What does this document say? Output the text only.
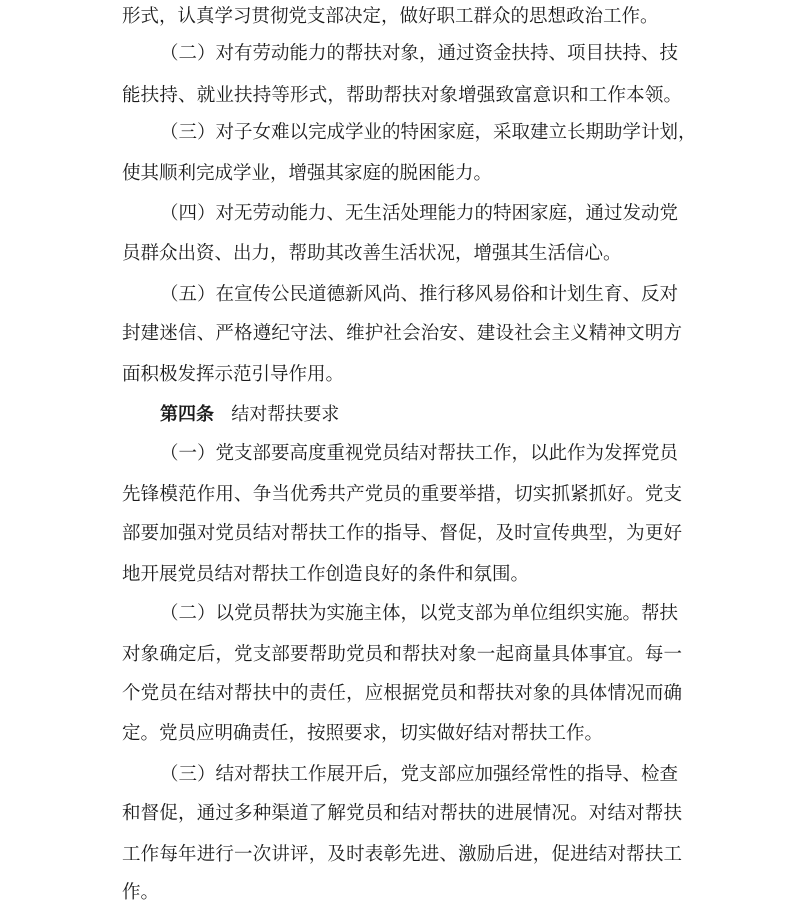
形式，认真学习贯彻党支部决定，做好职工群众的思想政治工作。
（二）对有劳动能力的帮扶对象，通过资金扶持、项目扶持、技
能扶持、就业扶持等形式，帮助帮扶对象增强致富意识和工作本领。
（三）对子女难以完成学业的特困家庭，采取建立长期助学计划，
使其顺利完成学业，增强其家庭的脱困能力。
（四）对无劳动能力、无生活处理能力的特困家庭，通过发动党
员群众出资、出力，帮助其改善生活状况，增强其生活信心。
（五）在宣传公民道德新风尚、推行移风易俗和计划生育、反对
封建迷信、严格遵纪守法、维护社会治安、建设社会主义精神文明方
面积极发挥示范引导作用。
第四条 结对帮扶要求
（一）党支部要高度重视党员结对帮扶工作，以此作为发挥党员
先锋模范作用、争当优秀共产党员的重要举措，切实抓紧抓好。党支
部要加强对党员结对帮扶工作的指导、督促，及时宣传典型，为更好
地开展党员结对帮扶工作创造良好的条件和氛围。
（二）以党员帮扶为实施主体，以党支部为单位组织实施。帮扶
对象确定后，党支部要帮助党员和帮扶对象一起商量具体事宜。每一
个党员在结对帮扶中的责任，应根据党员和帮扶对象的具体情况而确
定。党员应明确责任，按照要求，切实做好结对帮扶工作。
（三）结对帮扶工作展开后，党支部应加强经常性的指导、检查
和督促，通过多种渠道了解党员和结对帮扶的进展情况。对结对帮扶
工作每年进行一次讲评，及时表彰先进、激励后进，促进结对帮扶工
作。
